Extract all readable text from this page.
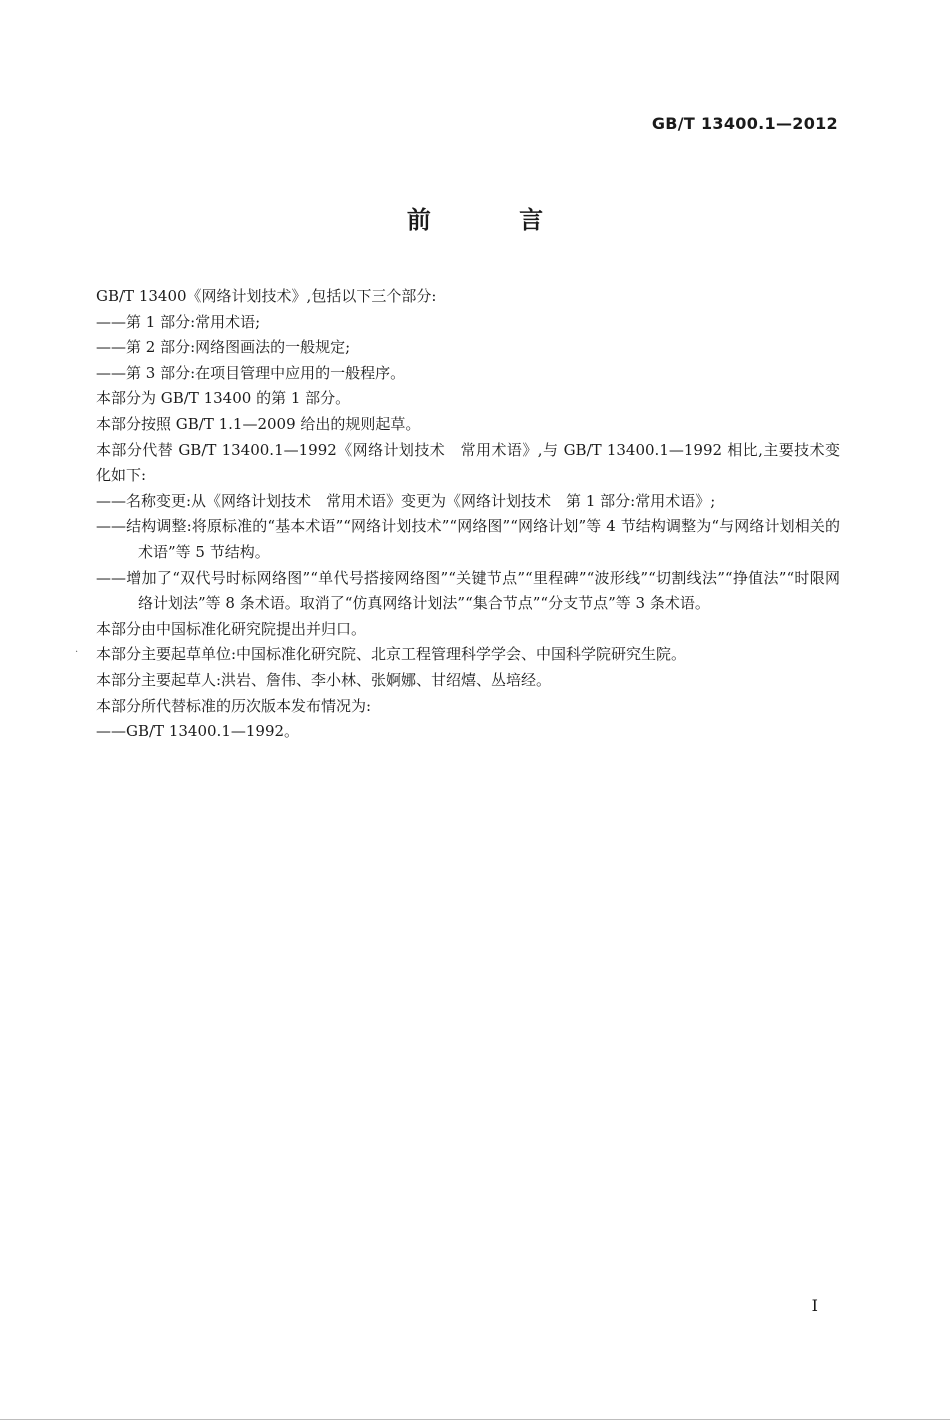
GB/T 13400.1—2012
前 言

GB/T 13400《网络计划技术》,包括以下三个部分:

——第 1 部分:常用术语;

——第 2 部分:网络图画法的一般规定;

——第 3 部分:在项目管理中应用的一般程序。

本部分为 GB/T 13400 的第 1 部分。

本部分按照 GB/T 1.1—2009 给出的规则起草。

本部分代替 GB/T 13400.1—1992《网络计划技术　常用术语》,与 GB/T 13400.1—1992 相比,主要技术变化如下:

——名称变更:从《网络计划技术　常用术语》变更为《网络计划技术　第 1 部分:常用术语》;

——结构调整:将原标准的“基本术语”“网络计划技术”“网络图”“网络计划”等 4 节结构调整为“与网络计划相关的术语”等 5 节结构。

——增加了“双代号时标网络图”“单代号搭接网络图”“关键节点”“里程碑”“波形线”“切割线法”“挣值法”“时限网络计划法”等 8 条术语。取消了“仿真网络计划法”“集合节点”“分支节点”等 3 条术语。

本部分由中国标准化研究院提出并归口。

本部分主要起草单位:中国标准化研究院、北京工程管理科学学会、中国科学院研究生院。

本部分主要起草人:洪岩、詹伟、李小林、张婀娜、甘绍熺、丛培经。

本部分所代替标准的历次版本发布情况为:

——GB/T 13400.1—1992。

.
I
